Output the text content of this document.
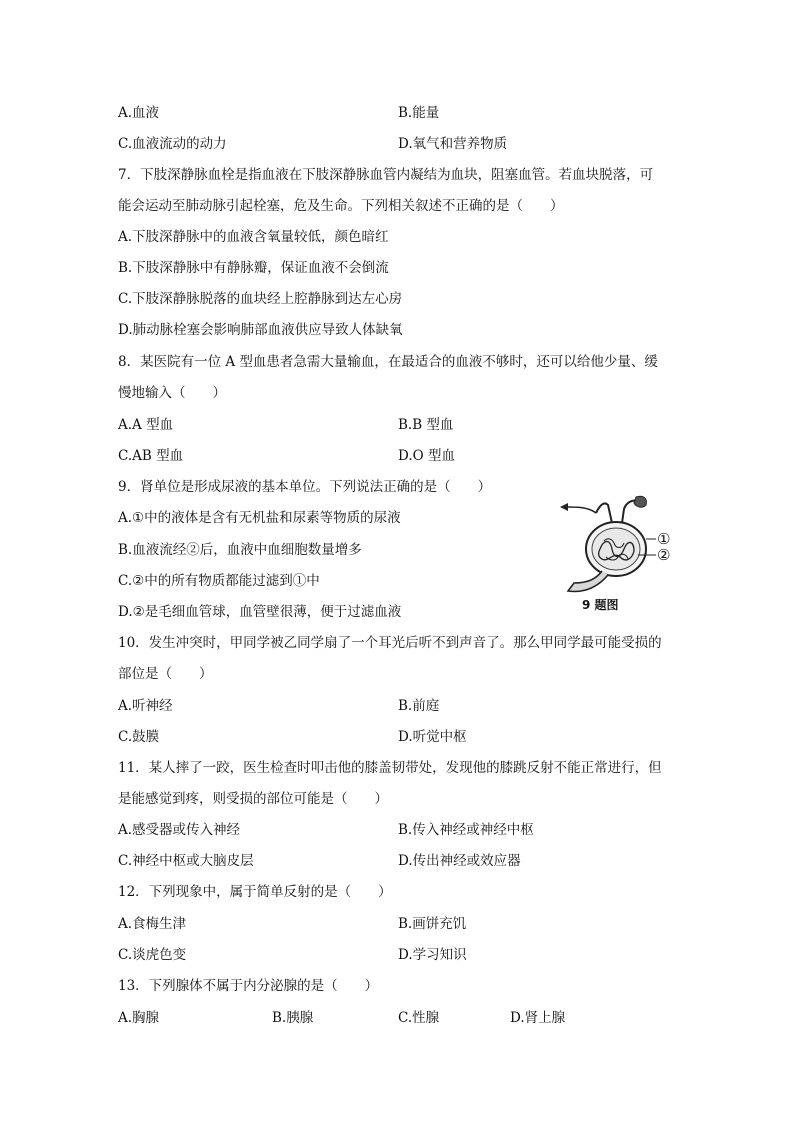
A.血液	B.能量
C.血液流动的动力	D.氧气和营养物质
7．下肢深静脉血栓是指血液在下肢深静脉血管内凝结为血块，阻塞血管。若血块脱落，可
能会运动至肺动脉引起栓塞，危及生命。下列相关叙述不正确的是（　　）
A.下肢深静脉中的血液含氧量较低，颜色暗红
B.下肢深静脉中有静脉瓣，保证血液不会倒流
C.下肢深静脉脱落的血块经上腔静脉到达左心房
D.肺动脉栓塞会影响肺部血液供应导致人体缺氧
8．某医院有一位 A 型血患者急需大量输血，在最适合的血液不够时，还可以给他少量、缓
慢地输入（　　）
A.A 型血	B.B 型血
C.AB 型血	D.O 型血
9．肾单位是形成尿液的基本单位。下列说法正确的是（　　）
A.①中的液体是含有无机盐和尿素等物质的尿液
B.血液流经②后，血液中血细胞数量增多
C.②中的所有物质都能过滤到①中
D.②是毛细血管球，血管壁很薄，便于过滤血液
①
②
9 题图
10．发生冲突时，甲同学被乙同学扇了一个耳光后听不到声音了。那么甲同学最可能受损的
部位是（　　）
A.听神经	B.前庭
C.鼓膜	D.听觉中枢
11．某人摔了一跤，医生检查时叩击他的膝盖韧带处，发现他的膝跳反射不能正常进行，但
是能感觉到疼，则受损的部位可能是（　　）
A.感受器或传入神经	B.传入神经或神经中枢
C.神经中枢或大脑皮层	D.传出神经或效应器
12．下列现象中，属于简单反射的是（　　）
A.食梅生津	B.画饼充饥
C.谈虎色变	D.学习知识
13．下列腺体不属于内分泌腺的是（　　）
A.胸腺	B.胰腺	C.性腺	D.肾上腺
